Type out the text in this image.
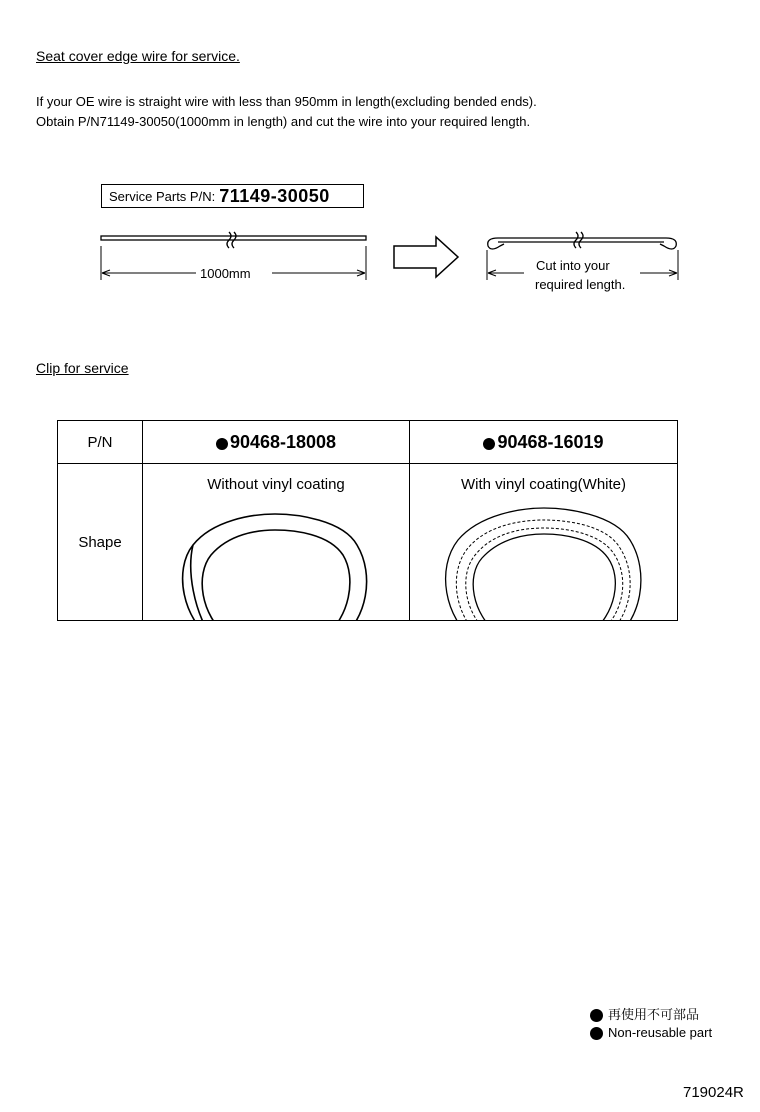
Seat cover edge wire for service.
If your OE wire is straight wire with less than 950mm in length(excluding bended ends).
Obtain P/N71149-30050(1000mm in length) and cut the wire into your required length.
Service Parts P/N: 71149-30050
1000mm
Cut into your
required length.
Clip for service
P/N	90468-18008	90468-16019
Shape	Without vinyl coating	With vinyl coating(White)
再使用不可部品
Non-reusable part
719024R
